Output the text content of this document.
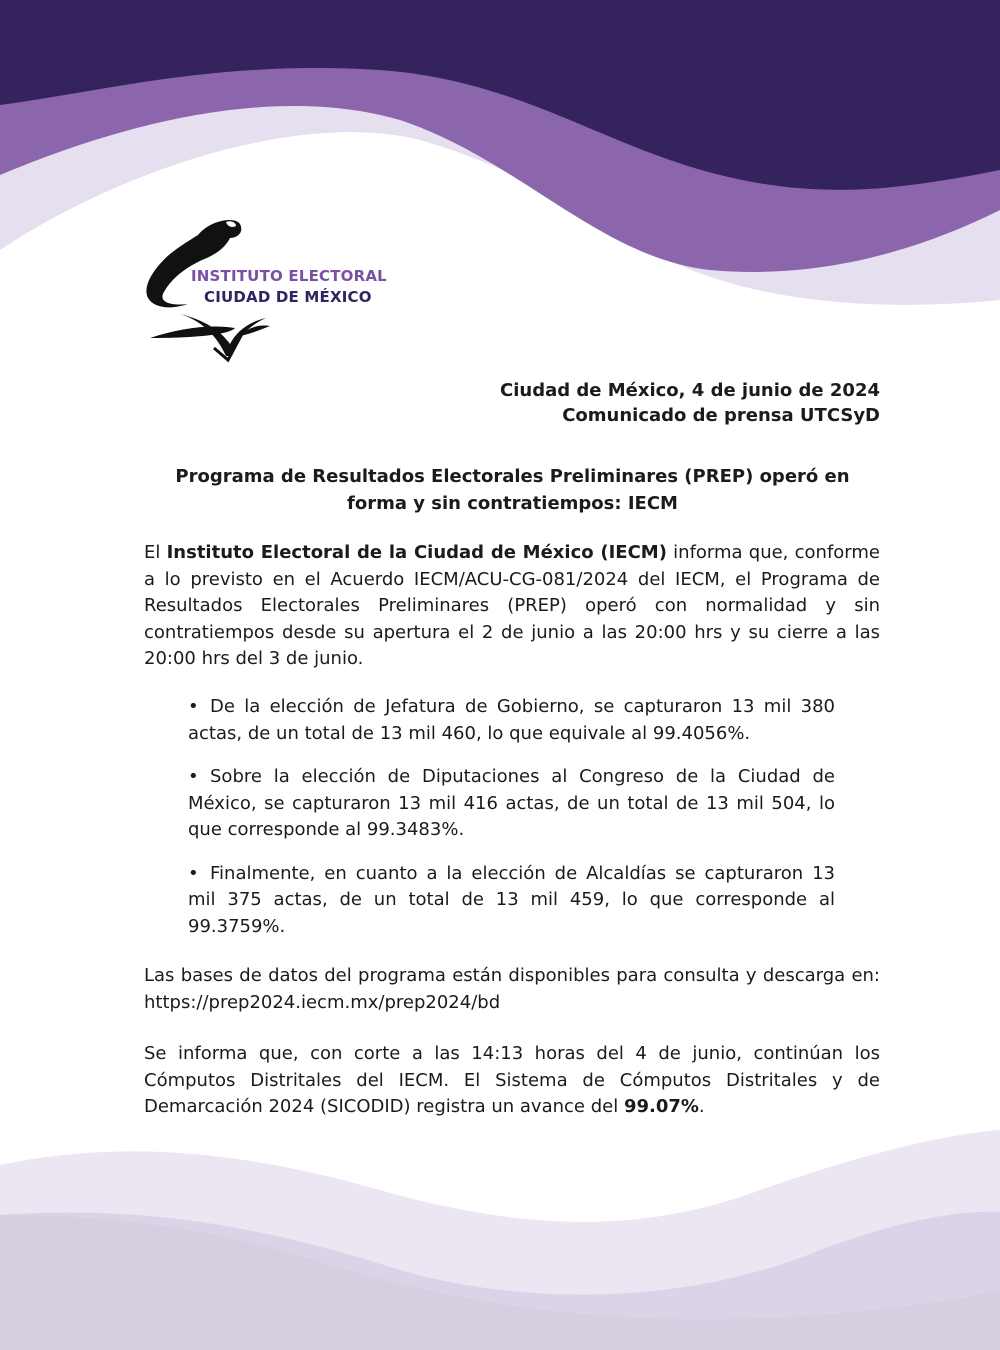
INSTITUTO ELECTORAL
CIUDAD DE MÉXICO
Ciudad de México, 4 de junio de 2024
Comunicado de prensa UTCSyD
Programa de Resultados Electorales Preliminares (PREP) operó en forma y sin contratiempos: IECM
El Instituto Electoral de la Ciudad de México (IECM) informa que, conforme a lo previsto en el Acuerdo IECM/ACU-CG-081/2024 del IECM, el Programa de Resultados Electorales Preliminares (PREP) operó con normalidad y sin contratiempos desde su apertura el 2 de junio a las 20:00 hrs y su cierre a las 20:00 hrs del 3 de junio.
• De la elección de Jefatura de Gobierno, se capturaron 13 mil 380 actas, de un total de 13 mil 460, lo que equivale al 99.4056%.
• Sobre la elección de Diputaciones al Congreso de la Ciudad de México, se capturaron 13 mil 416 actas, de un total de 13 mil 504, lo que corresponde al 99.3483%.
• Finalmente, en cuanto a la elección de Alcaldías se capturaron 13 mil 375 actas, de un total de 13 mil 459, lo que corresponde al 99.3759%.
Las bases de datos del programa están disponibles para consulta y descarga en: https://prep2024.iecm.mx/prep2024/bd
Se informa que, con corte a las 14:13 horas del 4 de junio, continúan los Cómputos Distritales del IECM. El Sistema de Cómputos Distritales y de Demarcación 2024 (SICODID) registra un avance del 99.07%.
